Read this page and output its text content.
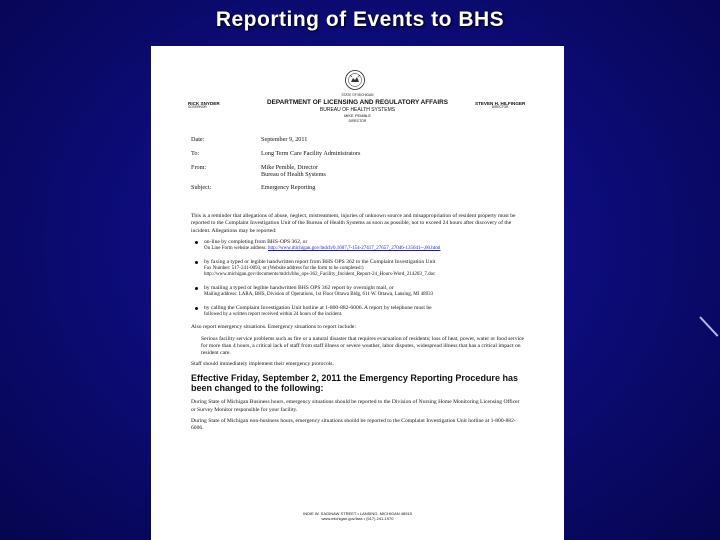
Reporting of Events to BHS
STATE OF MICHIGAN
DEPARTMENT OF LICENSING AND REGULATORY AFFAIRS
BUREAU OF HEALTH SYSTEMS
MIKE PEMBLE
DIRECTOR
RICK SNYDER
GOVERNOR
STEVEN H. HILFINGER
DIRECTOR
Date:	September 9, 2011
To:	Long Term Care Facility Administrators
From:	Mike Pemble, Director
Bureau of Health Systems
Subject:	Emergency Reporting

This is a reminder that allegations of abuse, neglect, mistreatment, injuries of unknown source and misappropriation of resident property must be reported to the Complaint Investigation Unit of the Bureau of Health Systems as soon as possible, not to exceed 24 hours after discovery of the incident. Allegations may be reported:

on-line by completing from BHS-OPS 362, or
On Line Form website address: http://www.michigan.gov/mdch/0,1607,7-154-27417_27657_27046-135041--,00.html
by faxing a typed or legible handwritten report from BHS OPS 362 to the Complaint Investigation Unit
Fax Number: 517-241-0093, or (Website address for the form to be completed:)
http://www.michigan.gov/documents/mdch/bhs_ops-362_Facility_Incident_Report-24_Hours-Word_214203_7.doc
by mailing a typed or legible handwritten BHS OPS 362 report by overnight mail, or
Mailing address: LARA, BHS, Division of Operations, 1st Floor Ottawa Bldg, 611 W. Ottawa, Lansing, MI 48933
by calling the Complaint Investigation Unit hotline at 1-800-882-6006. A report by telephone must be
followed by a written report received within 24 hours of the incident.

Also report emergency situations. Emergency situations to report include:

Serious facility service problems such as fire or a natural disaster that requires evacuation of residents; loss of heat, power, water or food service for more than 4 hours, a critical lack of staff from staff illness or severe weather, labor disputes, widespread illness that has a critical impact on resident care.

Staff should immediately implement their emergency protocols.

Effective Friday, September 2, 2011 the Emergency Reporting Procedure has been changed to the following:

During State of Michigan Business hours, emergency situations should be reported to the Division of Nursing Home Monitoring Licensing Officer or Survey Monitor responsible for your facility.

During State of Michigan non-business hours, emergency situations should be reported to the Complaint Investigation Unit hotline at 1-800-882-6006.

INDIE W. SAGINAW STREET • LANSING, MICHIGAN 48915
www.michigan.gov/lara • (517) 241-1970
